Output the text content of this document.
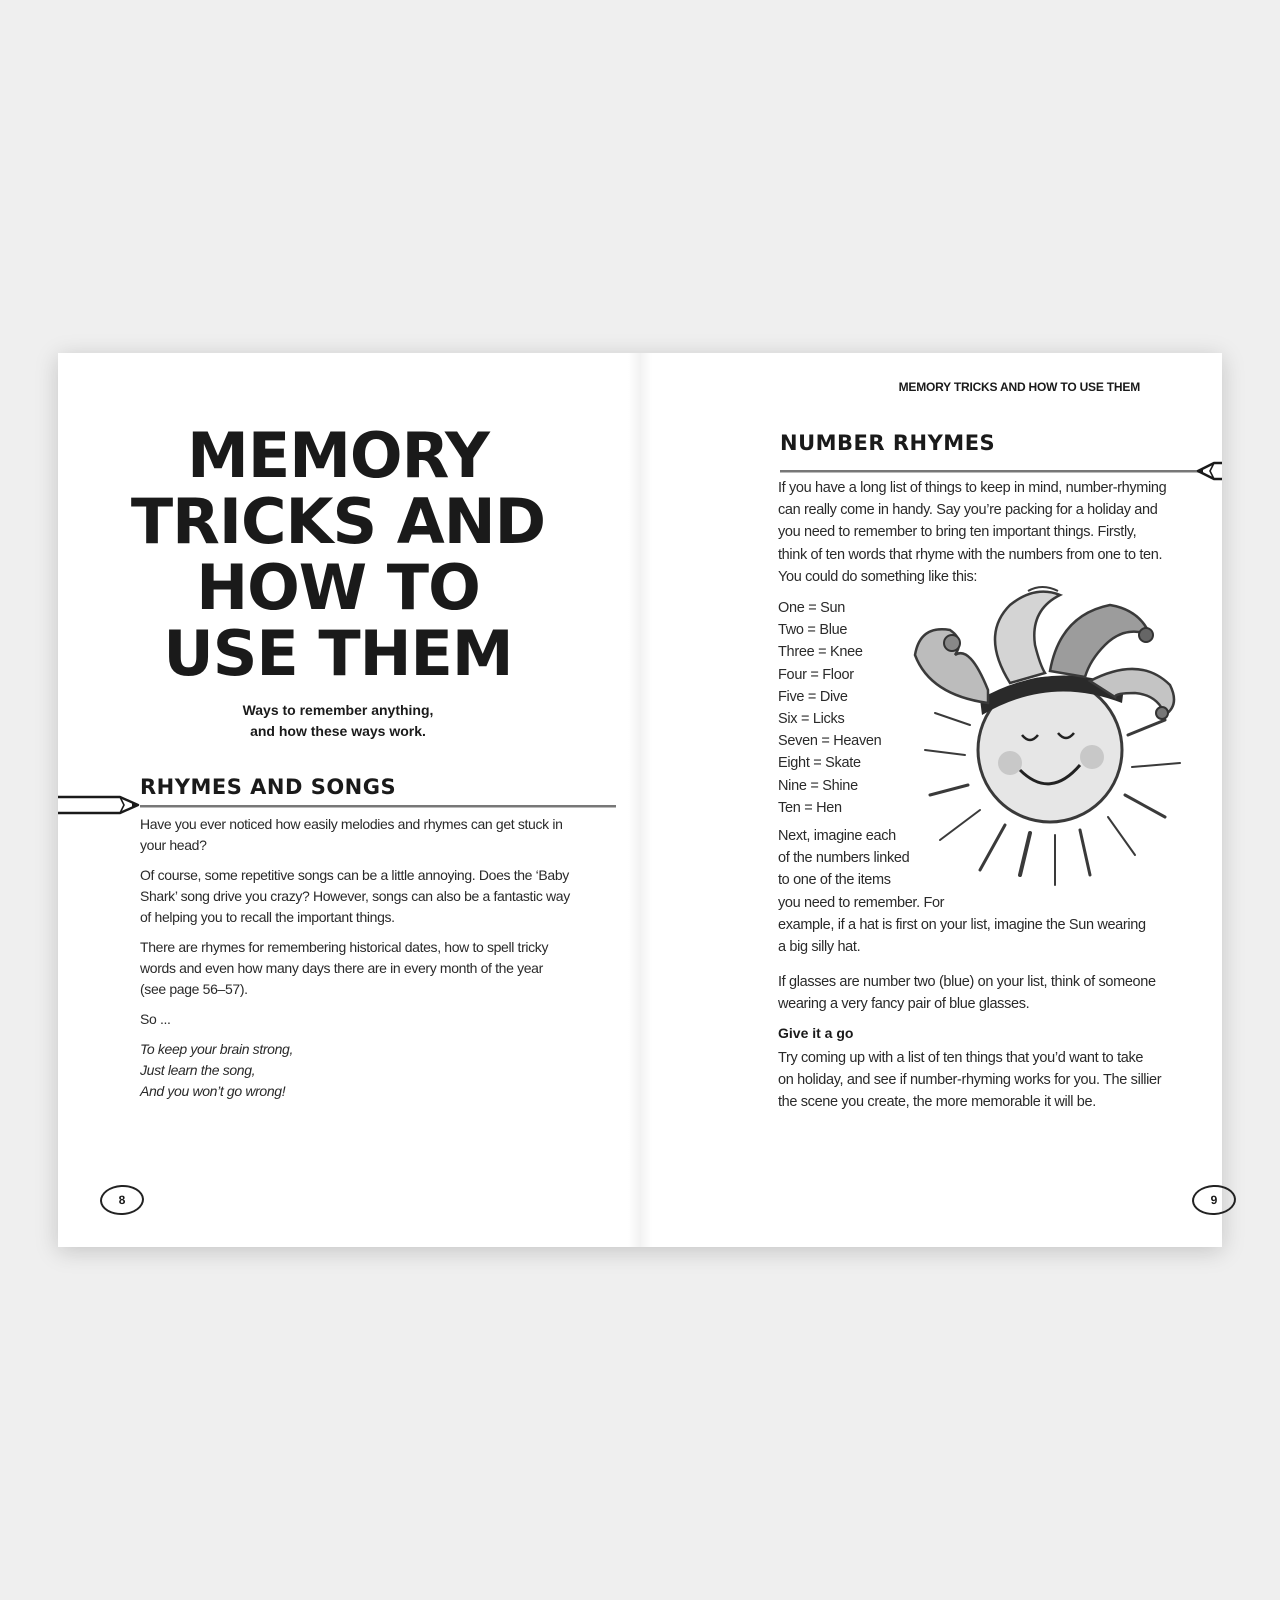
MEMORY
TRICKS AND
HOW TO
USE THEM
Ways to remember anything,
and how these ways work.
RHYMES AND SONGS

Have you ever noticed how easily melodies and rhymes can get stuck in your head?

Of course, some repetitive songs can be a little annoying. Does the ‘Baby Shark’ song drive you crazy? However, songs can also be a fantastic way of helping you to recall the important things.

There are rhymes for remembering historical dates, how to spell tricky words and even how many days there are in every month of the year (see page 56–57).

So ...

To keep your brain strong,
Just learn the song,
And you won’t go wrong!

8
MEMORY TRICKS AND HOW TO USE THEM
NUMBER RHYMES

If you have a long list of things to keep in mind, number-rhyming
can really come in handy. Say you’re packing for a holiday and
you need to remember to bring ten important things. Firstly,
think of ten words that rhyme with the numbers from one to ten.
You could do something like this:

One = Sun
Two = Blue
Three = Knee
Four = Floor
Five = Dive
Six = Licks
Seven = Heaven
Eight = Skate
Nine = Shine
Ten = Hen

Next, imagine each
of the numbers linked
to one of the items
you need to remember. For
example, if a hat is first on your list, imagine the Sun wearing
a big silly hat.

If glasses are number two (blue) on your list, think of someone
wearing a very fancy pair of blue glasses.

Give it a go

Try coming up with a list of ten things that you’d want to take
on holiday, and see if number-rhyming works for you. The sillier
the scene you create, the more memorable it will be.

9
